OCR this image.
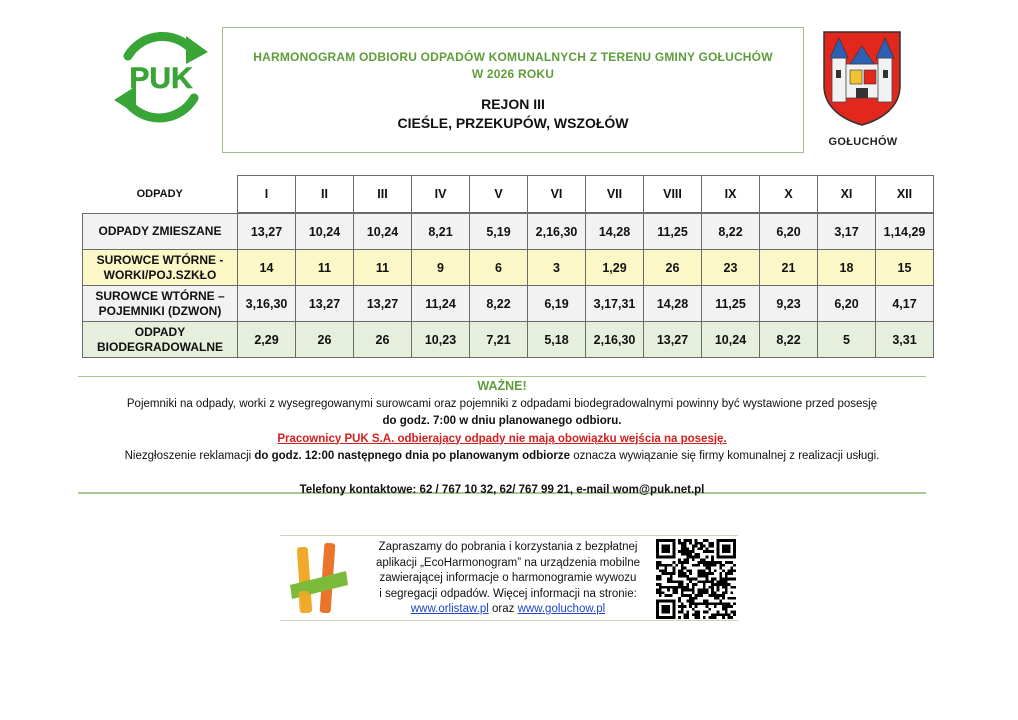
PUK
HARMONOGRAM ODBIORU ODPADÓW KOMUNALNYCH Z TERENU GMINY GOŁUCHÓW
W 2026 ROKU
REJON III
CIEŚLE, PRZEKUPÓW, WSZOŁÓW
GOŁUCHÓW
ODPADY	I	II	III	IV	V	VI	VII	VIII	IX	X	XI	XII

ODPADY ZMIESZANE	13,27	10,24	10,24	8,21	5,19	2,16,30	14,28	11,25	8,22	6,20	3,17	1,14,29

SUROWCE WTÓRNE -
WORKI/POJ.SZKŁO	14	11	11	9	6	3	1,29	26	23	21	18	15

SUROWCE WTÓRNE –
POJEMNIKI (DZWON)	3,16,30	13,27	13,27	11,24	8,22	6,19	3,17,31	14,28	11,25	9,23	6,20	4,17

ODPADY
BIODEGRADOWALNE	2,29	26	26	10,23	7,21	5,18	2,16,30	13,27	10,24	8,22	5	3,31
WAŻNE!
Pojemniki na odpady, worki z wysegregowanymi surowcami oraz pojemniki z odpadami biodegradowalnymi powinny być wystawione przed posesję
do godz. 7:00 w dniu planowanego odbioru.
Pracownicy PUK S.A. odbierający odpady nie mają obowiązku wejścia na posesję.
Niezgłoszenie reklamacji do godz. 12:00 następnego dnia po planowanym odbiorze oznacza wywiązanie się firmy komunalnej z realizacji usługi.
Telefony kontaktowe: 62 / 767 10 32, 62/ 767 99 21, e-mail wom@puk.net.pl
Zapraszamy do pobrania i korzystania z bezpłatnej
aplikacji „EcoHarmonogram” na urządzenia mobilne
zawierającej informacje o harmonogramie wywozu
i segregacji odpadów. Więcej informacji na stronie:
www.orlistaw.pl oraz www.goluchow.pl
